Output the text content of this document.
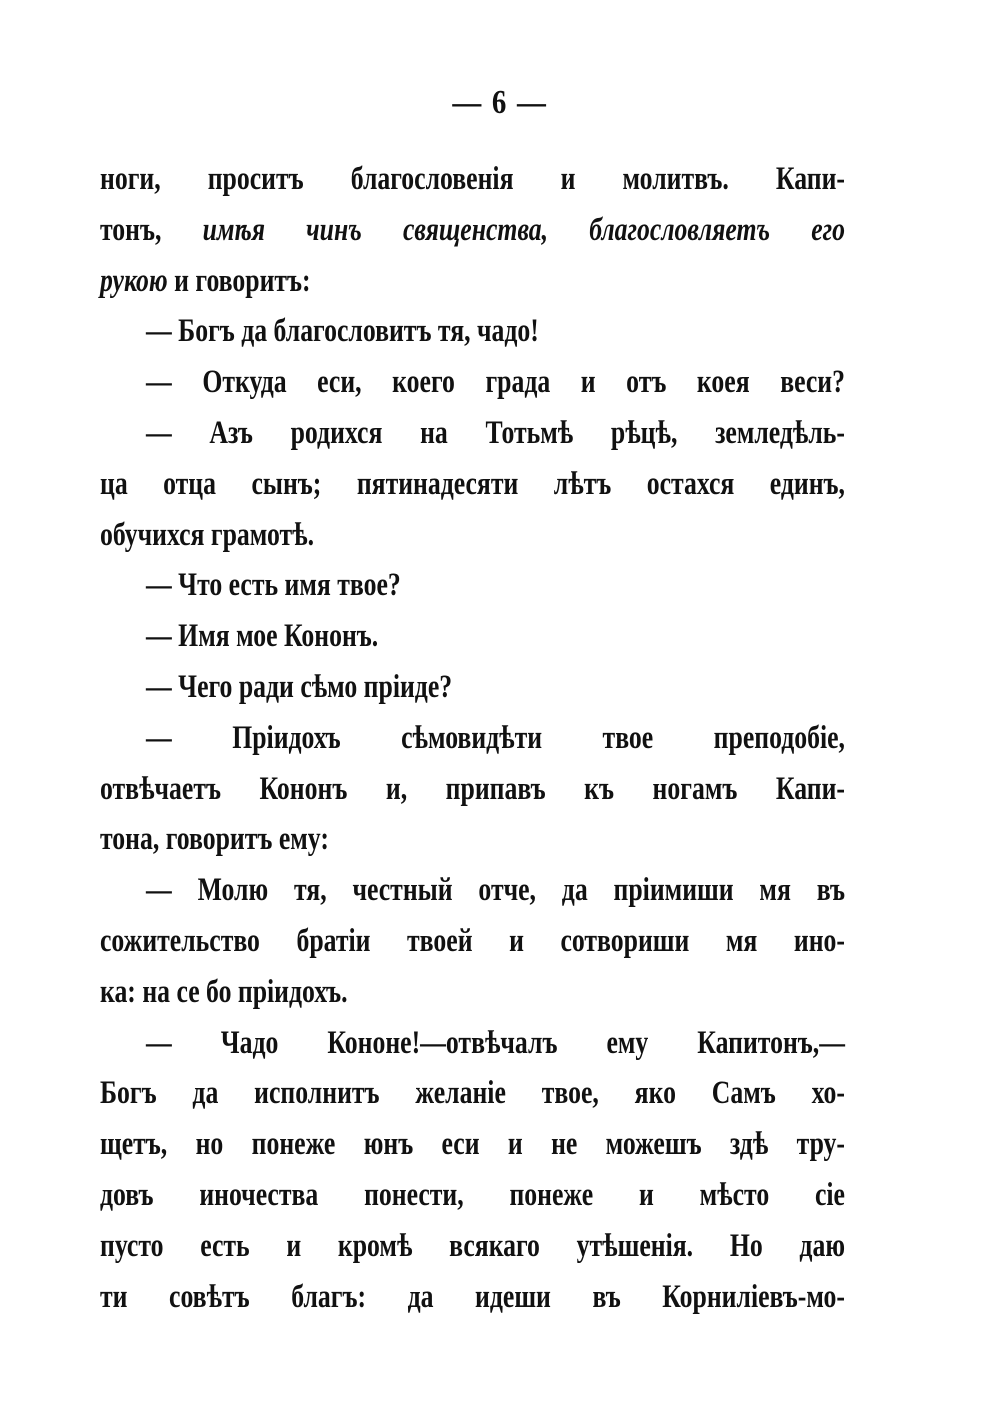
— 6 —
ноги, проситъ благословенія и молитвъ. Капи-
тонъ, имѣя чинъ священства, благословляетъ его
рукою и говоритъ:
— Богъ да благословитъ тя, чадо!
— Откуда еси, коего града и отъ коея веси?
— Азъ родихся на Тотьмѣ рѣцѣ, земледѣль-
ца отца сынъ; пятинадесяти лѣтъ остахся единъ,
обучихся грамотѣ.
— Что есть имя твое?
— Имя мое Кононъ.
— Чего ради сѣмо пріиде?
— Пріидохъ сѣмовидѣти твое преподобіе,
отвѣчаетъ Кононъ и, припавъ къ ногамъ Капи-
тона, говоритъ ему:
— Молю тя, честный отче, да пріимиши мя въ
сожительство братіи твоей и сотвориши мя ино-
ка: на се бо пріидохъ.
— Чадо Кононе!—отвѣчалъ ему Капитонъ,—
Богъ да исполнитъ желаніе твое, яко Самъ хо-
щетъ, но понеже юнъ еси и не можешъ здѣ тру-
довъ иночества понести, понеже и мѣсто сіе
пусто есть и кромѣ всякаго утѣшенія. Но даю
ти совѣтъ благъ: да идеши въ Корниліевъ-мо-
